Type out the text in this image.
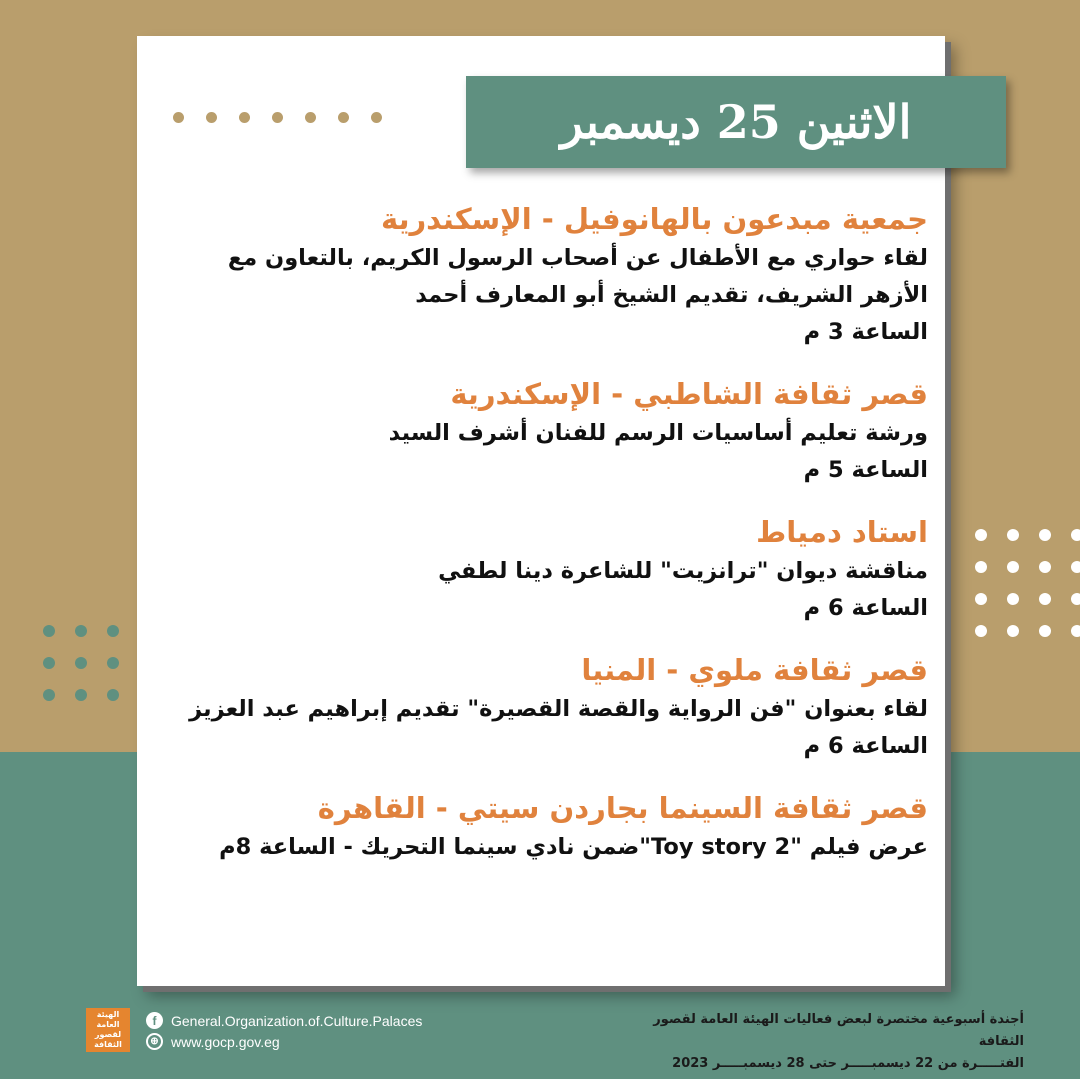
الاثنين 25 ديسمبر
جمعية مبدعون بالهانوفيل - الإسكندرية
لقاء حواري مع الأطفال عن أصحاب الرسول الكريم، بالتعاون مع الأزهر الشريف، تقديم الشيخ أبو المعارف أحمد
الساعة 3 م
قصر ثقافة الشاطبي - الإسكندرية
ورشة تعليم أساسيات الرسم للفنان أشرف السيد
الساعة 5 م
استاد دمياط
مناقشة ديوان "ترانزيت" للشاعرة دينا لطفي
الساعة 6 م
قصر ثقافة ملوي - المنيا
لقاء بعنوان "فن الرواية والقصة القصيرة" تقديم إبراهيم عبد العزيز
الساعة 6 م
قصر ثقافة السينما بجاردن سيتي - القاهرة
عرض فيلم "Toy story 2"ضمن نادي سينما التحريك - الساعة 8م
الهيئة العامة لقصور الثقافة
f	General.Organization.of.Culture.Palaces
⊕ www.gocp.gov.eg
أجندة أسبوعية مختصرة لبعض فعاليات الهيئة العامة لقصور الثقافة
الفتـــــرة من 22 ديسمبـــــر حتى 28 ديسمبـــــر 2023
